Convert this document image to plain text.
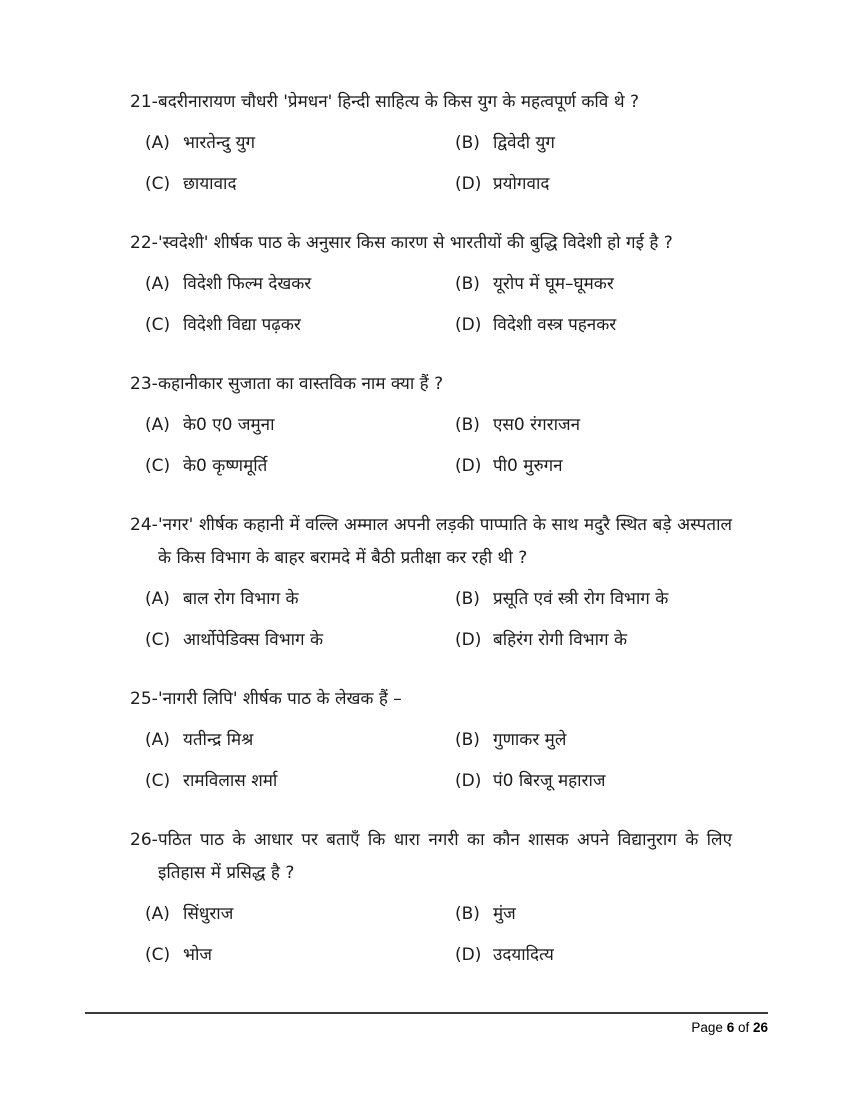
21- बदरीनारायण चौधरी 'प्रेमधन' हिन्दी साहित्य के किस युग के महत्वपूर्ण कवि थे ?

(A) भारतेन्दु युग	(B) द्विवेदी युग
(C) छायावाद	(D) प्रयोगवाद
22- 'स्वदेशी' शीर्षक पाठ के अनुसार किस कारण से भारतीयों की बुद्धि विदेशी हो गई है ?

(A) विदेशी फिल्म देखकर	(B) यूरोप में घूम–घूमकर
(C) विदेशी विद्या पढ़कर	(D) विदेशी वस्त्र पहनकर
23- कहानीकार सुजाता का वास्तविक नाम क्या हैं ?

(A) के0 ए0 जमुना	(B) एस0 रंगराजन
(C) के0 कृष्णमूर्ति	(D) पी0 मुरुगन
24- 'नगर' शीर्षक कहानी में वल्लि अम्माल अपनी लड़की पाप्पाति के साथ मदुरै स्थित बड़े अस्पताल के किस विभाग के बाहर बरामदे में बैठी प्रतीक्षा कर रही थी ?

(A) बाल रोग विभाग के	(B) प्रसूति एवं स्त्री रोग विभाग के
(C) आर्थोपेडिक्स विभाग के	(D) बहिरंग रोगी विभाग के
25- 'नागरी लिपि' शीर्षक पाठ के लेखक हैं –

(A) यतीन्द्र मिश्र	(B) गुणाकर मुले
(C) रामविलास शर्मा	(D) पं0 बिरजू महाराज
26- पठित पाठ के आधार पर बताएँ कि धारा नगरी का कौन शासक अपने विद्यानुराग के लिए इतिहास में प्रसिद्ध है ?

(A) सिंधुराज	(B) मुंज
(C) भोज	(D) उदयादित्य
Page 6 of 26
